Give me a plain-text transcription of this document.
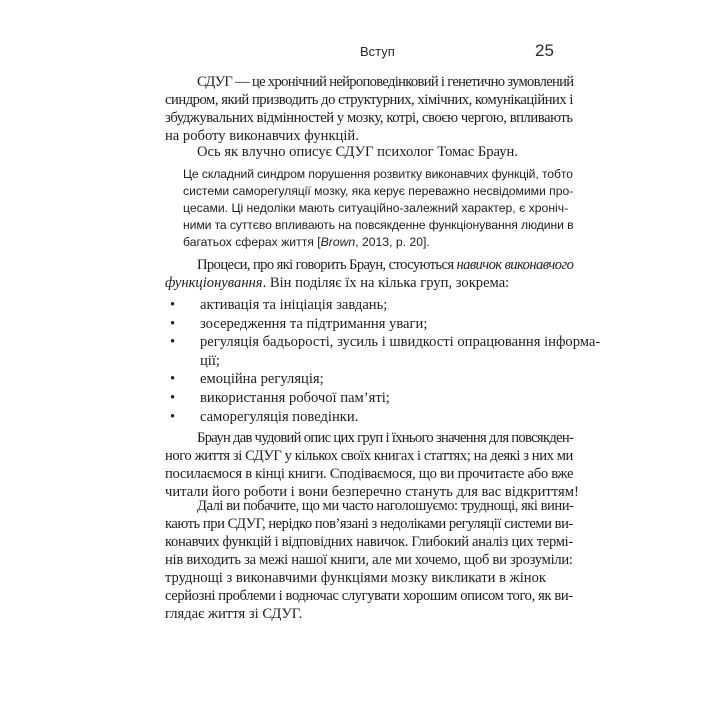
Вступ	25
СДУГ — це хронічний нейроповедінковий і генетично зумовлений
синдром, який призводить до структурних, хімічних, комунікаційних і
збуджувальних відмінностей у мозку, котрі, своєю чергою, впливають
на роботу виконавчих функцій.
Ось як влучно описує СДУГ психолог Томас Браун.
Це складний синдром порушення розвитку виконавчих функцій, тобто
системи саморегуляції мозку, яка керує переважно несвідомими про-
цесами. Ці недоліки мають ситуаційно-залежний характер, є хроніч-
ними та суттєво впливають на повсякденне функціонування людини в
багатьох сферах життя [Brown, 2013, p. 20].
Процеси, про які говорить Браун, стосуються навичок виконавчого
функціонування. Він поділяє їх на кілька груп, зокрема:
• активація та ініціація завдань;
• зосередження та підтримання уваги;
• регуляція бадьорості, зусиль і швидкості опрацювання інформа-
ції;
• емоційна регуляція;
• використання робочої пам’яті;
• саморегуляція поведінки.
Браун дав чудовий опис цих груп і їхнього значення для повсякден-
ного життя зі СДУГ у кількох своїх книгах і статтях; на деякі з них ми
посилаємося в кінці книги. Сподіваємося, що ви прочитаєте або вже
читали його роботи і вони безперечно стануть для вас відкриттям!
Далі ви побачите, що ми часто наголошуємо: труднощі, які вини-
кають при СДУГ, нерідко пов’язані з недоліками регуляції системи ви-
конавчих функцій і відповідних навичок. Глибокий аналіз цих термі-
нів виходить за межі нашої книги, але ми хочемо, щоб ви зрозуміли:
труднощі з виконавчими функціями мозку викликати в жінок
серйозні проблеми і водночас слугувати хорошим описом того, як ви-
глядає життя зі СДУГ.
